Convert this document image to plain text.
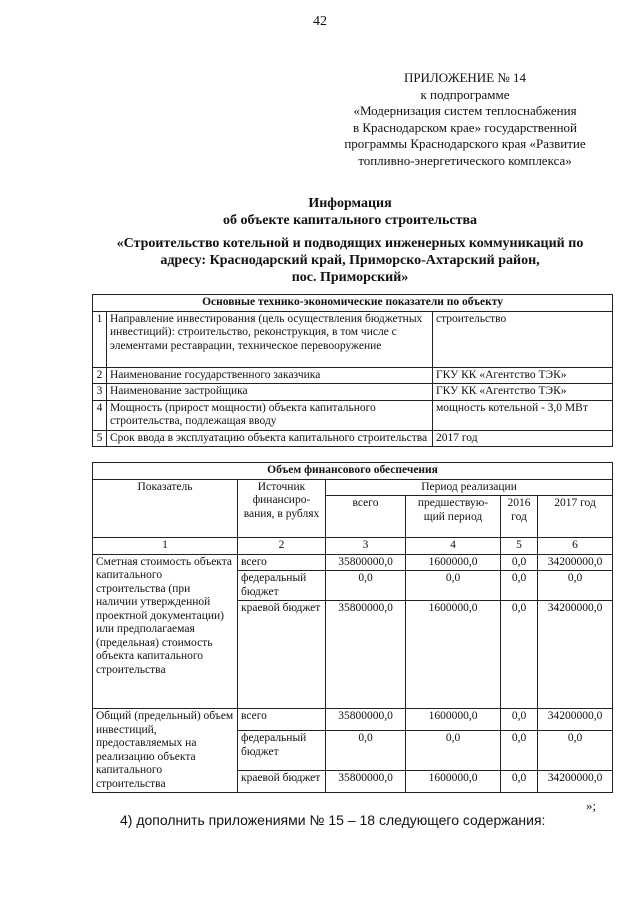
42
ПРИЛОЖЕНИЕ № 14
к подпрограмме
«Модернизация систем теплоснабжения
в Краснодарском крае» государственной
программы Краснодарского края «Развитие
топливно-энергетического комплекса»
Информация
об объекте капитального строительства
«Строительство котельной и подводящих инженерных коммуникаций по
адресу: Краснодарский край, Приморско-Ахтарский район,
пос. Приморский»
Основные технико-экономические показатели по объекту		
1	Направление инвестирования (цель осуществления бюджетных инвестиций): строительство, реконструкция, в том числе с элементами реставрации, техническое перевооружение	строительство
2	Наименование государственного заказчика	ГКУ КК «Агентство ТЭК»
3	Наименование застройщика	ГКУ КК «Агентство ТЭК»
4	Мощность (прирост мощности) объекта капитального строительства, подлежащая вводу	мощность котельной - 3,0 МВт
5	Срок ввода в эксплуатацию объекта капитального строительства	2017 год
Объем финансового обеспечения					
Показатель	Источник финансиро-вания, в рублях	Период реализации			
		всего	предшествую-щий период	2016 год	2017 год
1	2	3	4	5	6
Сметная стоимость объекта капитального строительства (при наличии утвержденной проектной документации) или предполагаемая (предельная) стоимость объекта капитального строительства	всего	35800000,0	1600000,0	0,0	34200000,0
	федеральный бюджет	0,0	0,0	0,0	0,0
	краевой бюджет	35800000,0	1600000,0	0,0	34200000,0
Общий (предельный) объем инвестиций, предоставляемых на реализацию объекта капитального строительства	всего	35800000,0	1600000,0	0,0	34200000,0
	федеральный бюджет	0,0	0,0	0,0	0,0
	краевой бюджет	35800000,0	1600000,0	0,0	34200000,0
»;
4) дополнить приложениями № 15 – 18 следующего содержания:
